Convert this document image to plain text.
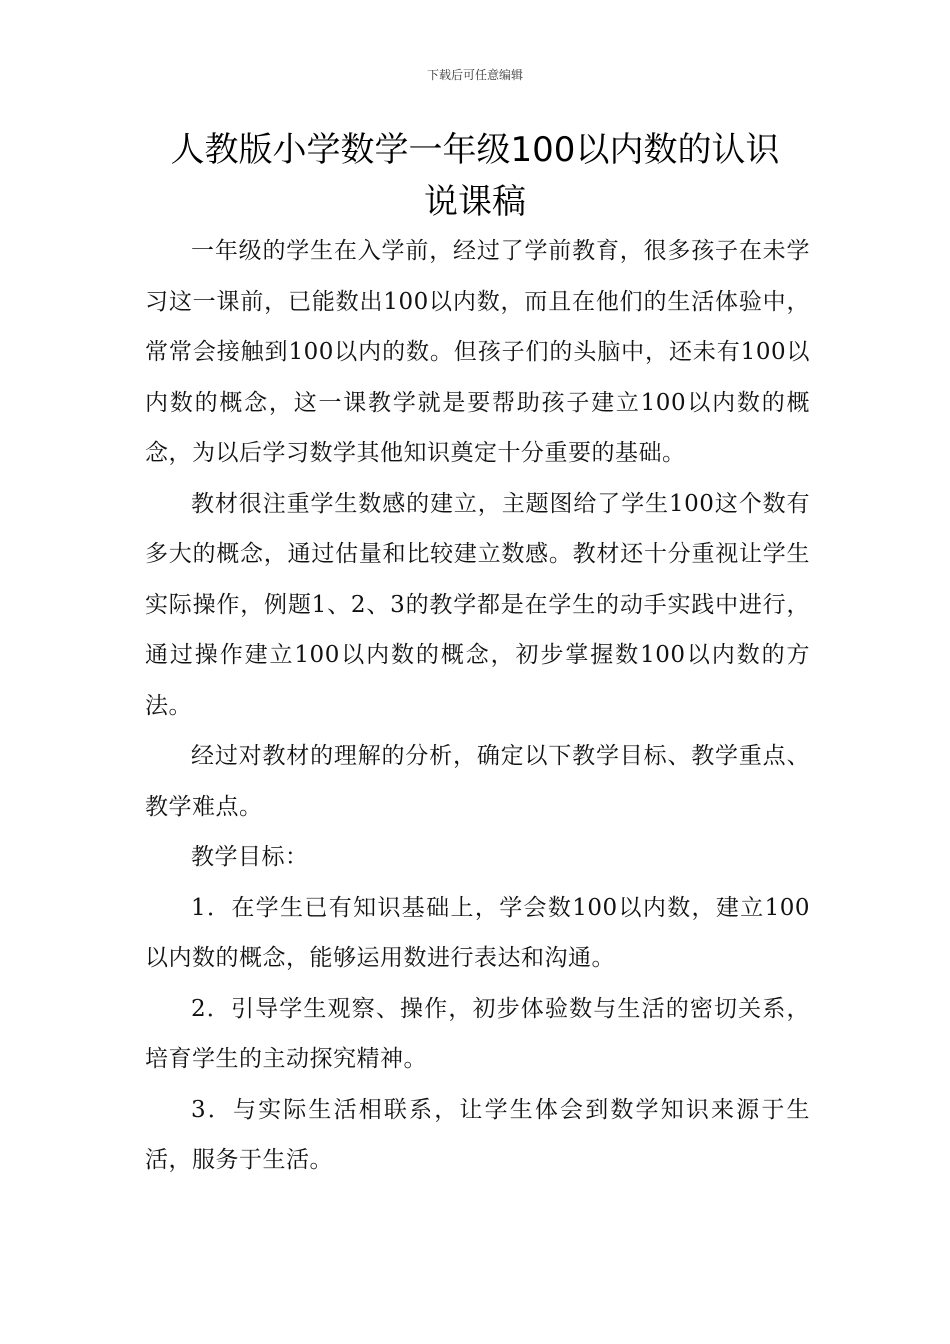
下载后可任意编辑
人教版小学数学一年级100以内数的认识
说课稿

一年级的学生在入学前，经过了学前教育，很多孩子在未学习这一课前，已能数出100以内数，而且在他们的生活体验中，常常会接触到100以内的数。但孩子们的头脑中，还未有100以内数的概念，这一课教学就是要帮助孩子建立100以内数的概念，为以后学习数学其他知识奠定十分重要的基础。

教材很注重学生数感的建立，主题图给了学生100这个数有多大的概念，通过估量和比较建立数感。教材还十分重视让学生实际操作，例题1、2、3的教学都是在学生的动手实践中进行，通过操作建立100以内数的概念，初步掌握数100以内数的方法。

经过对教材的理解的分析，确定以下教学目标、教学重点、教学难点。

教学目标：

1．在学生已有知识基础上，学会数100以内数，建立100以内数的概念，能够运用数进行表达和沟通。

2．引导学生观察、操作，初步体验数与生活的密切关系，培育学生的主动探究精神。

3．与实际生活相联系，让学生体会到数学知识来源于生活，服务于生活。
